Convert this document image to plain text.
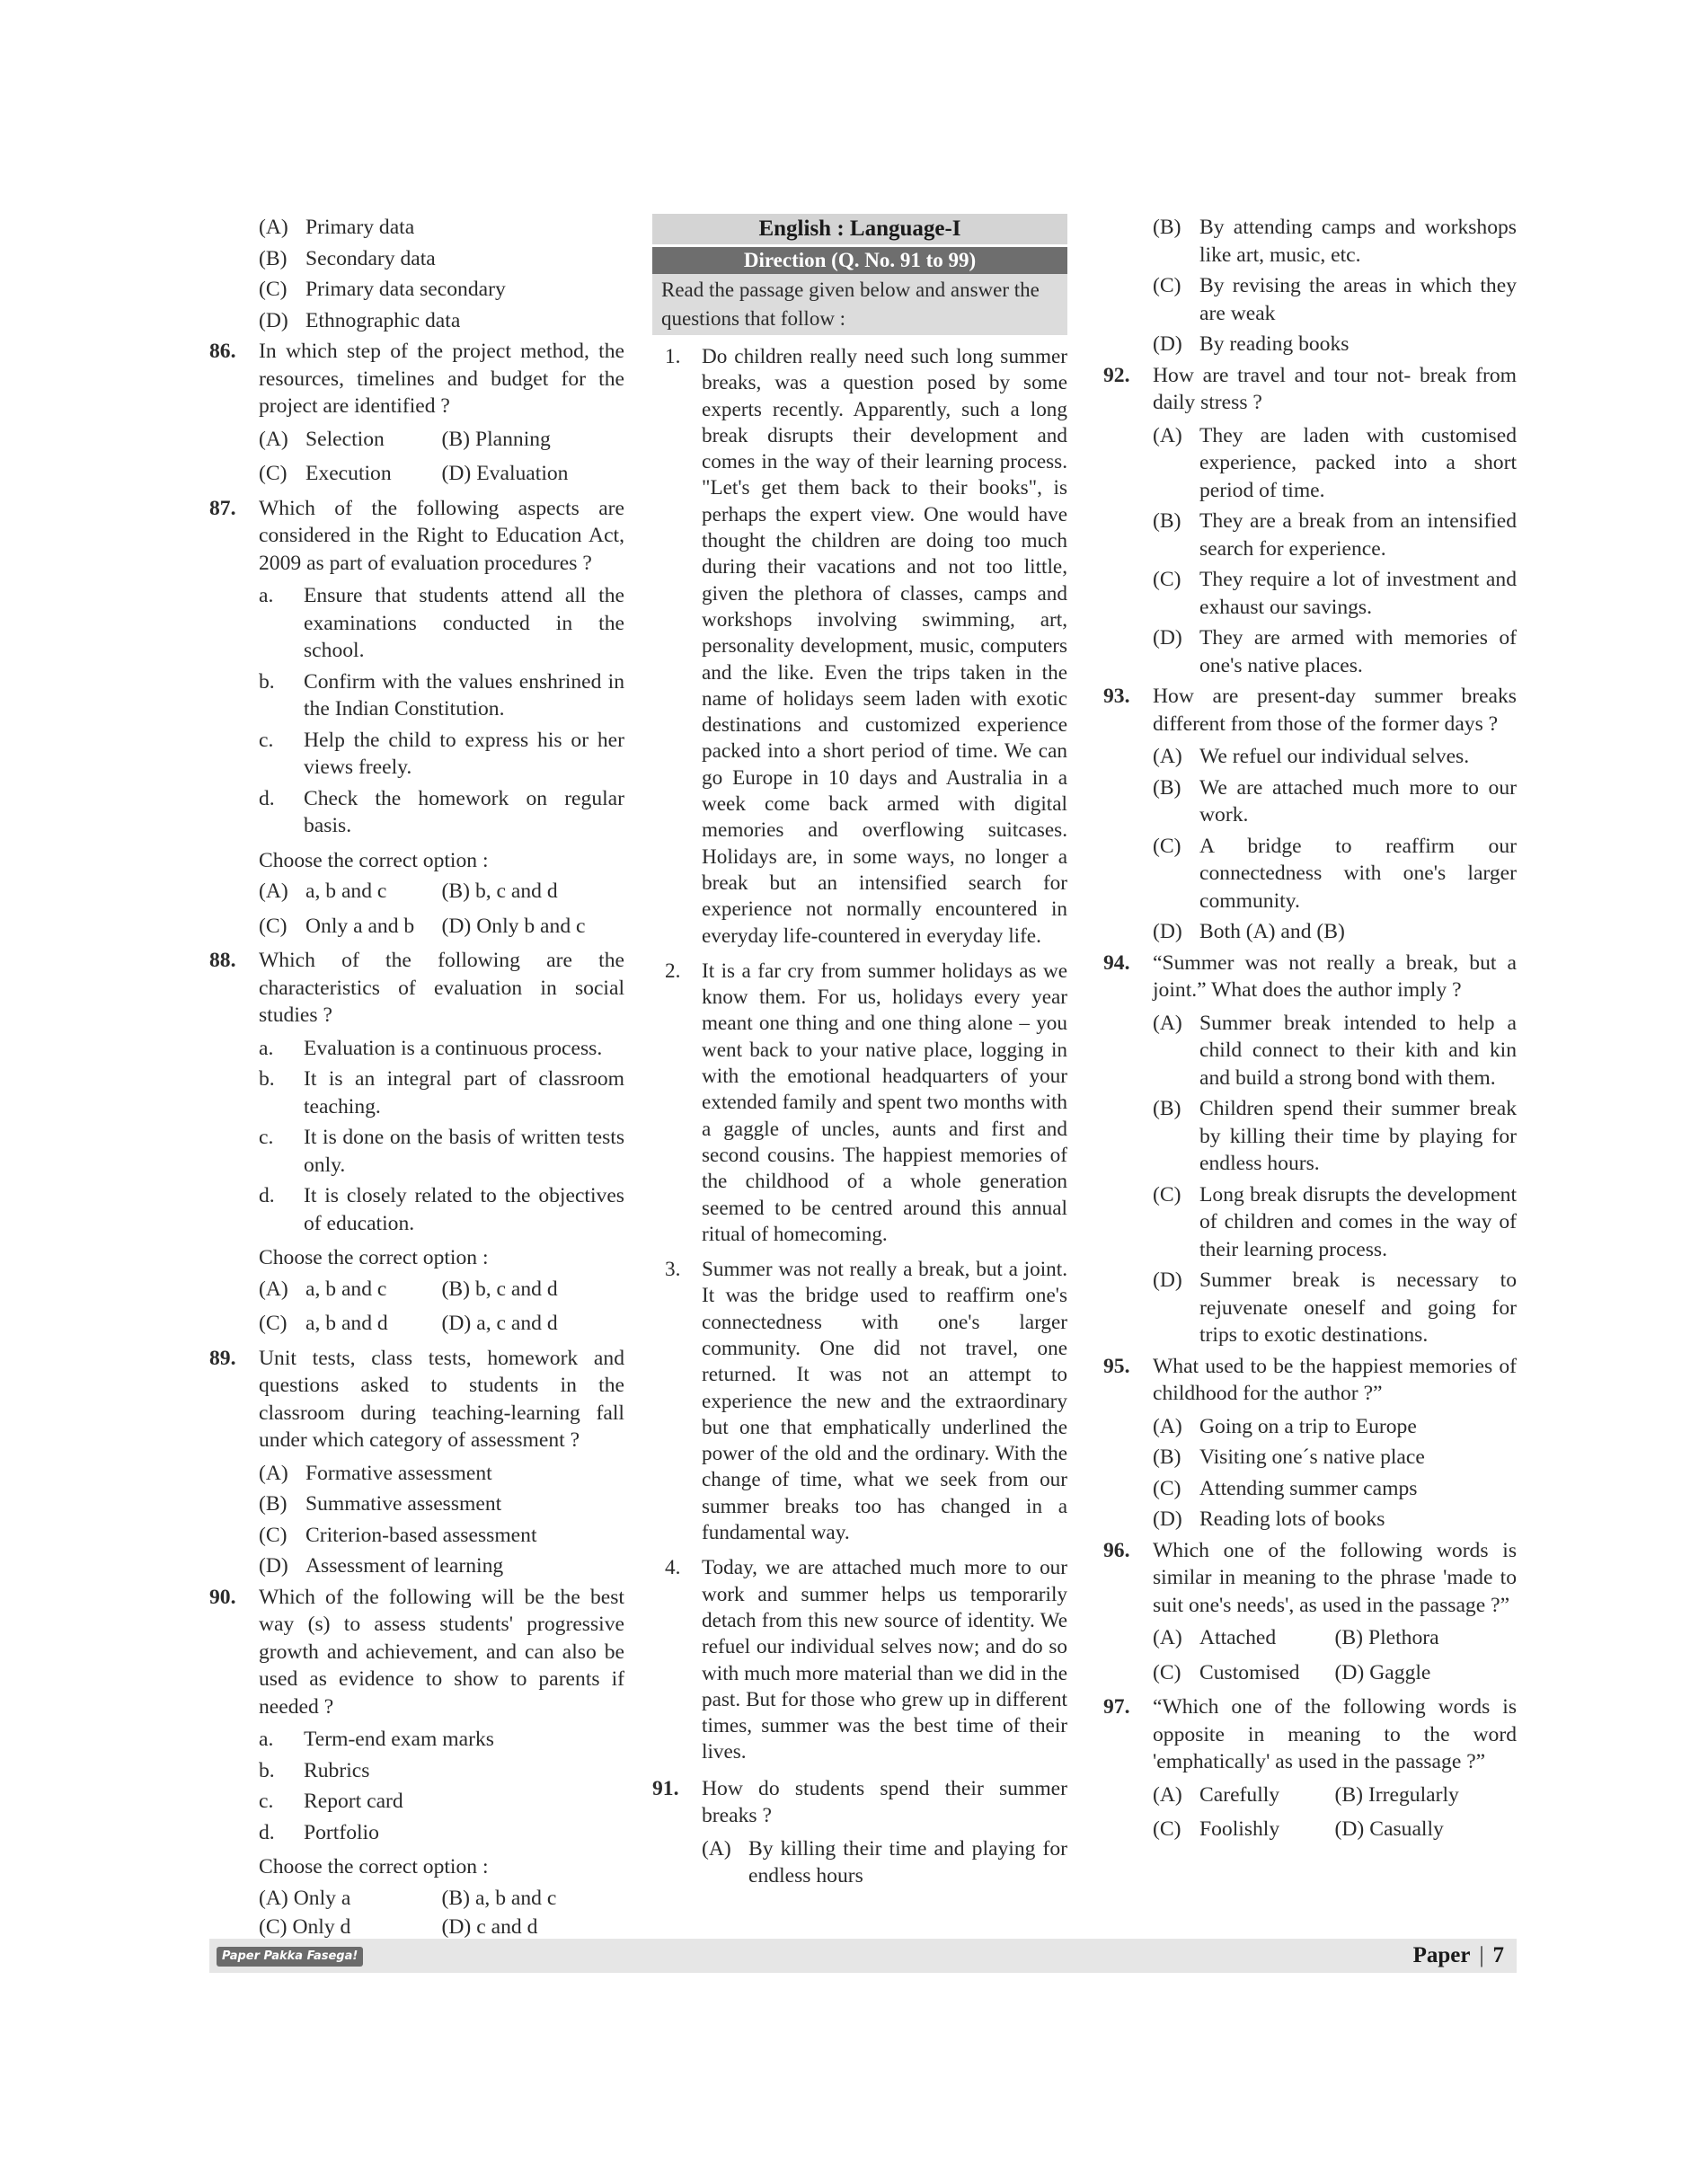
(A) Primary data
(B) Secondary data
(C) Primary data secondary
(D) Ethnographic data
86. In which step of the project method, the resources, timelines and budget for the project are identified ?
(A) Selection	(B) Planning
(C) Execution (D) Evaluation
87. Which of the following aspects are considered in the Right to Education Act, 2009 as part of evaluation procedures ?
a. Ensure that students attend all the examinations conducted in the school.
b. Confirm with the values enshrined in the Indian Constitution.
c. Help the child to express his or her views freely.
d. Check the homework on regular basis.
Choose the correct option :
(A) a, b and c	(B) b, c and d
(C) Only a and b (D) Only b and c
88. Which of the following are the characteristics of evaluation in social studies ?
a. Evaluation is a continuous process.
b. It is an integral part of classroom teaching.
c. It is done on the basis of written tests only.
d. It is closely related to the objectives of education.
Choose the correct option :
(A) a, b and c	(B) b, c and d
(C) a, b and d	(D) a, c and d
89. Unit tests, class tests, homework and questions asked to students in the classroom during teaching-learning fall under which category of assessment ?
(A) Formative assessment
(B) Summative assessment
(C) Criterion-based assessment
(D) Assessment of learning
90. Which of the following will be the best way (s) to assess students' progressive growth and achievement, and can also be used as evidence to show to parents if needed ?
a. Term-end exam marks
b. Rubrics
c. Report card
d. Portfolio
Choose the correct option :
(A) Only a	(B) a, b and c
(C) Only d	(D) c and d
English : Language-I
Direction (Q. No. 91 to 99)
Read the passage given below and answer the questions that follow :
1. Do children really need such long summer breaks, was a question posed by some experts recently. Apparently, such a long break disrupts their development and comes in the way of their learning process. "Let's get them back to their books", is perhaps the expert view. One would have thought the children are doing too much during their vacations and not too little, given the plethora of classes, camps and workshops involving swimming, art, personality development, music, computers and the like. Even the trips taken in the name of holidays seem laden with exotic destinations and customized experience packed into a short period of time. We can go Europe in 10 days and Australia in a week come back armed with digital memories and overflowing suitcases. Holidays are, in some ways, no longer a break but an intensified search for experience not normally encountered in everyday life-countered in everyday life.
2. It is a far cry from summer holidays as we know them. For us, holidays every year meant one thing and one thing alone – you went back to your native place, logging in with the emotional headquarters of your extended family and spent two months with a gaggle of uncles, aunts and first and second cousins. The happiest memories of the childhood of a whole generation seemed to be centred around this annual ritual of homecoming.
3. Summer was not really a break, but a joint. It was the bridge used to reaffirm one's connectedness with one's larger community. One did not travel, one returned. It was not an attempt to experience the new and the extraordinary but one that emphatically underlined the power of the old and the ordinary. With the change of time, what we seek from our summer breaks too has changed in a fundamental way.
4. Today, we are attached much more to our work and summer helps us temporarily detach from this new source of identity. We refuel our individual selves now; and do so with much more material than we did in the past. But for those who grew up in different times, summer was the best time of their lives.
91. How do students spend their summer breaks ?
(A) By killing their time and playing for endless hours
(B) By attending camps and workshops like art, music, etc.
(C) By revising the areas in which they are weak
(D) By reading books
92. How are travel and tour not- break from daily stress ?
(A) They are laden with customised experience, packed into a short period of time.
(B) They are a break from an intensified search for experience.
(C) They require a lot of investment and exhaust our savings.
(D) They are armed with memories of one's native places.
93. How are present-day summer breaks different from those of the former days ?
(A) We refuel our individual selves.
(B) We are attached much more to our work.
(C) A bridge to reaffirm our connectedness with one's larger community.
(D) Both (A) and (B)
94. “Summer was not really a break, but a joint.” What does the author imply ?
(A) Summer break intended to help a child connect to their kith and kin and build a strong bond with them.
(B) Children spend their summer break by killing their time by playing for endless hours.
(C) Long break disrupts the development of children and comes in the way of their learning process.
(D) Summer break is necessary to rejuvenate oneself and going for trips to exotic destinations.
95. What used to be the happiest memories of childhood for the author ?”
(A) Going on a trip to Europe
(B) Visiting one´s native place
(C) Attending summer camps
(D) Reading lots of books
96. Which one of the following words is similar in meaning to the phrase 'made to suit one's needs', as used in the passage ?”
(A) Attached	(B) Plethora
(C) Customised (D) Gaggle
97. “Which one of the following words is opposite in meaning to the word 'emphatically' as used in the passage ?”
(A) Carefully	(B) Irregularly
(C) Foolishly	(D) Casually
Paper Pakka Fasega!	Paper | 7
